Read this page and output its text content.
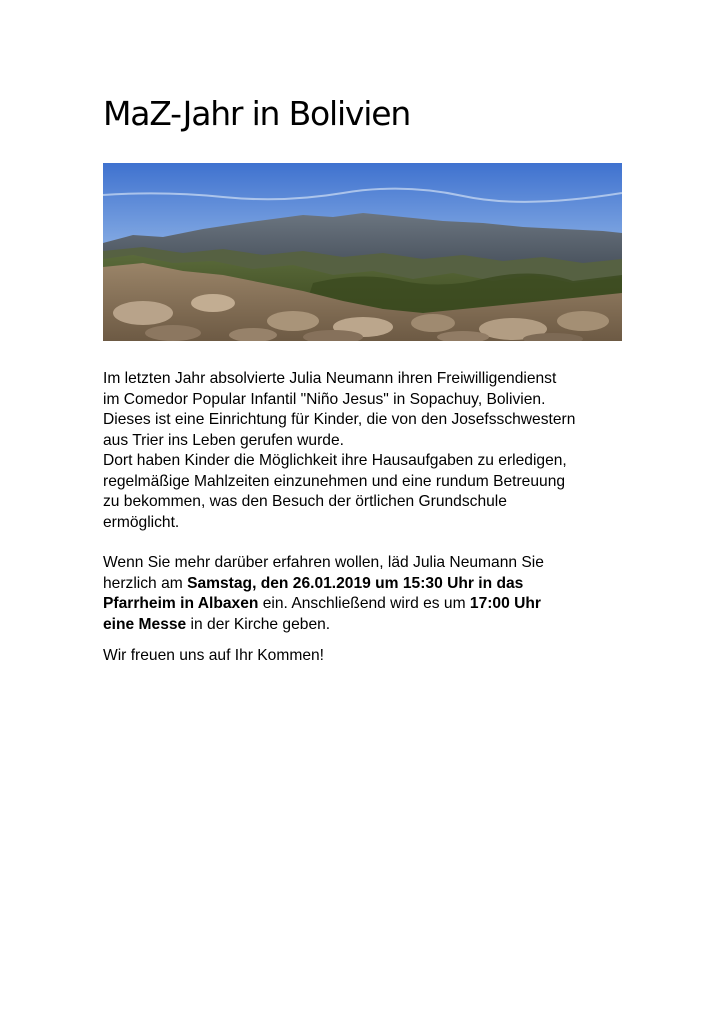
MaZ-Jahr in Bolivien

Im letzten Jahr absolvierte Julia Neumann ihren Freiwilligendienst
im Comedor Popular Infantil "Niño Jesus" in Sopachuy, Bolivien.
Dieses ist eine Einrichtung für Kinder, die von den Josefsschwestern
aus Trier ins Leben gerufen wurde.
Dort haben Kinder die Möglichkeit ihre Hausaufgaben zu erledigen,
regelmäßige Mahlzeiten einzunehmen und eine rundum Betreuung
zu bekommen, was den Besuch der örtlichen Grundschule
ermöglicht.

Wenn Sie mehr darüber erfahren wollen, läd Julia Neumann Sie
herzlich am Samstag, den 26.01.2019 um 15:30 Uhr in das
Pfarrheim in Albaxen ein. Anschließend wird es um 17:00 Uhr
eine Messe in der Kirche geben.

Wir freuen uns auf Ihr Kommen!
